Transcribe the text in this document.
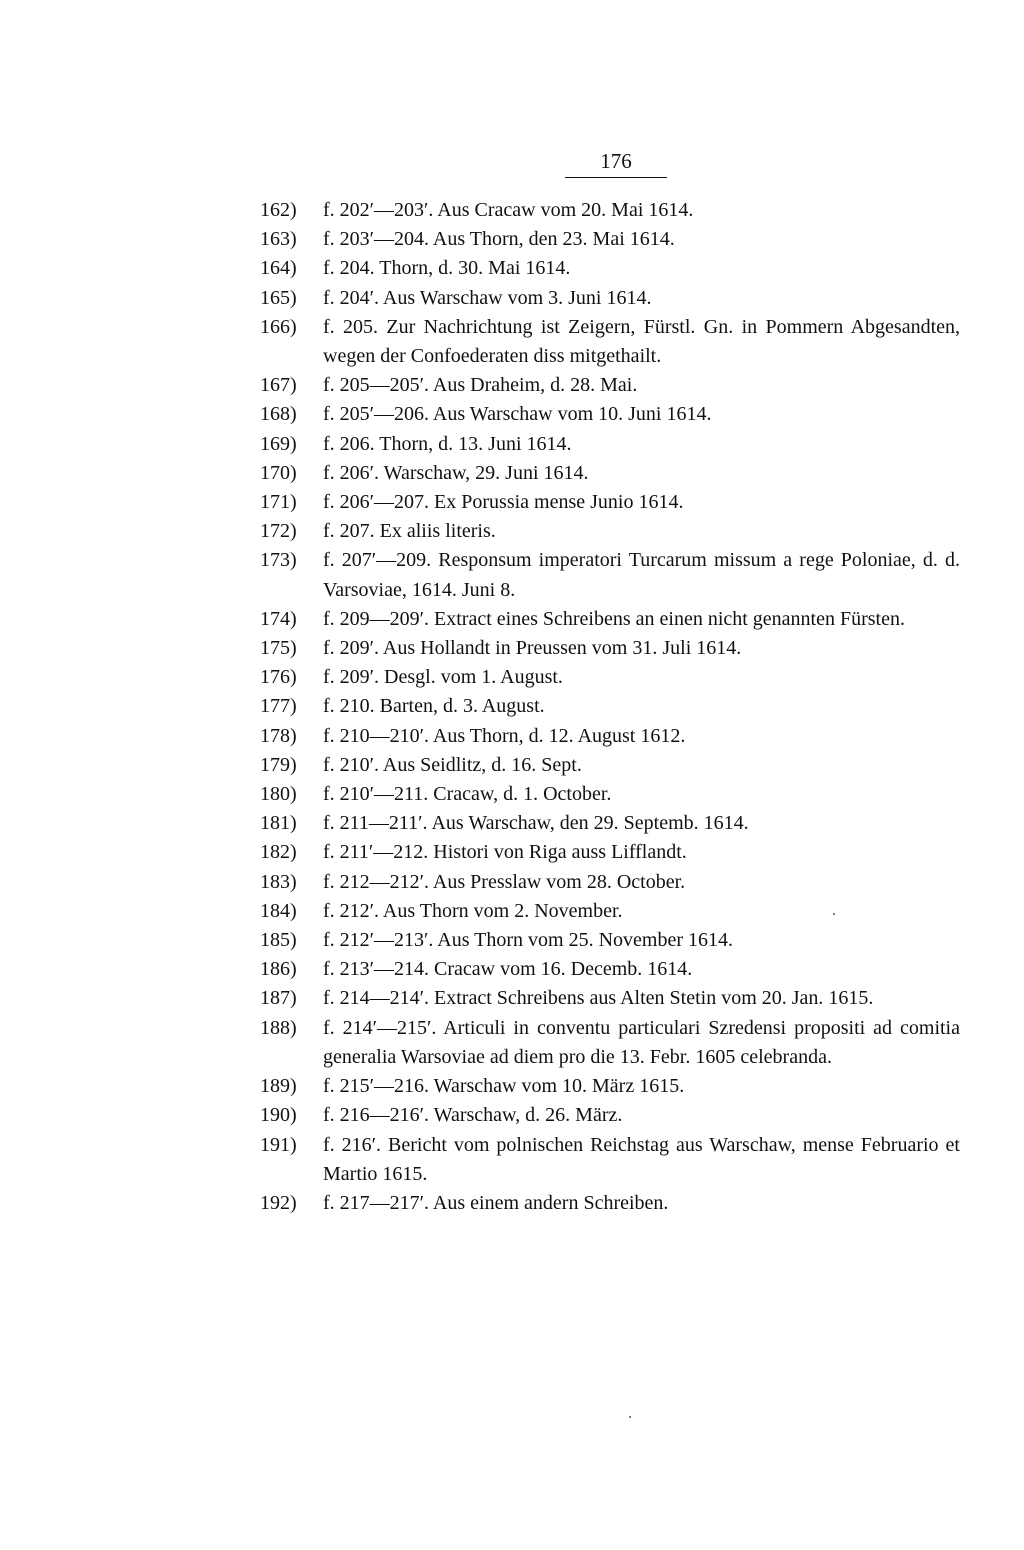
176
162)	f. 202′—203′. Aus Cracaw vom 20. Mai 1614.
163)	f. 203′—204. Aus Thorn, den 23. Mai 1614.
164)	f. 204. Thorn, d. 30. Mai 1614.
165)	f. 204′. Aus Warschaw vom 3. Juni 1614.
166)	f. 205. Zur Nachrichtung ist Zeigern, Fürstl. Gn. in Pommern Abgesandten, wegen der Confoederaten diss mitgethailt.
167)	f. 205—205′. Aus Draheim, d. 28. Mai.
168)	f. 205′—206. Aus Warschaw vom 10. Juni 1614.
169)	f. 206. Thorn, d. 13. Juni 1614.
170)	f. 206′. Warschaw, 29. Juni 1614.
171)	f. 206′—207. Ex Porussia mense Junio 1614.
172)	f. 207. Ex aliis literis.
173)	f. 207′—209. Responsum imperatori Turcarum missum a rege Poloniae, d. d. Varsoviae, 1614. Juni 8.
174)	f. 209—209′. Extract eines Schreibens an einen nicht genannten Fürsten.
175)	f. 209′. Aus Hollandt in Preussen vom 31. Juli 1614.
176)	f. 209′. Desgl. vom 1. August.
177)	f. 210. Barten, d. 3. August.
178)	f. 210—210′. Aus Thorn, d. 12. August 1612.
179)	f. 210′. Aus Seidlitz, d. 16. Sept.
180)	f. 210′—211. Cracaw, d. 1. October.
181)	f. 211—211′. Aus Warschaw, den 29. Septemb. 1614.
182)	f. 211′—212. Histori von Riga auss Lifflandt.
183)	f. 212—212′. Aus Presslaw vom 28. October.
184)	f. 212′. Aus Thorn vom 2. November.
185)	f. 212′—213′. Aus Thorn vom 25. November 1614.
186)	f. 213′—214. Cracaw vom 16. Decemb. 1614.
187)	f. 214—214′. Extract Schreibens aus Alten Stetin vom 20. Jan. 1615.
188)	f. 214′—215′. Articuli in conventu particulari Szredensi propositi ad comitia generalia Warsoviae ad diem pro die 13. Febr. 1605 celebranda.
189)	f. 215′—216. Warschaw vom 10. März 1615.
190)	f. 216—216′. Warschaw, d. 26. März.
191)	f. 216′. Bericht vom polnischen Reichstag aus Warschaw, mense Februario et Martio 1615.
192)	f. 217—217′. Aus einem andern Schreiben.
